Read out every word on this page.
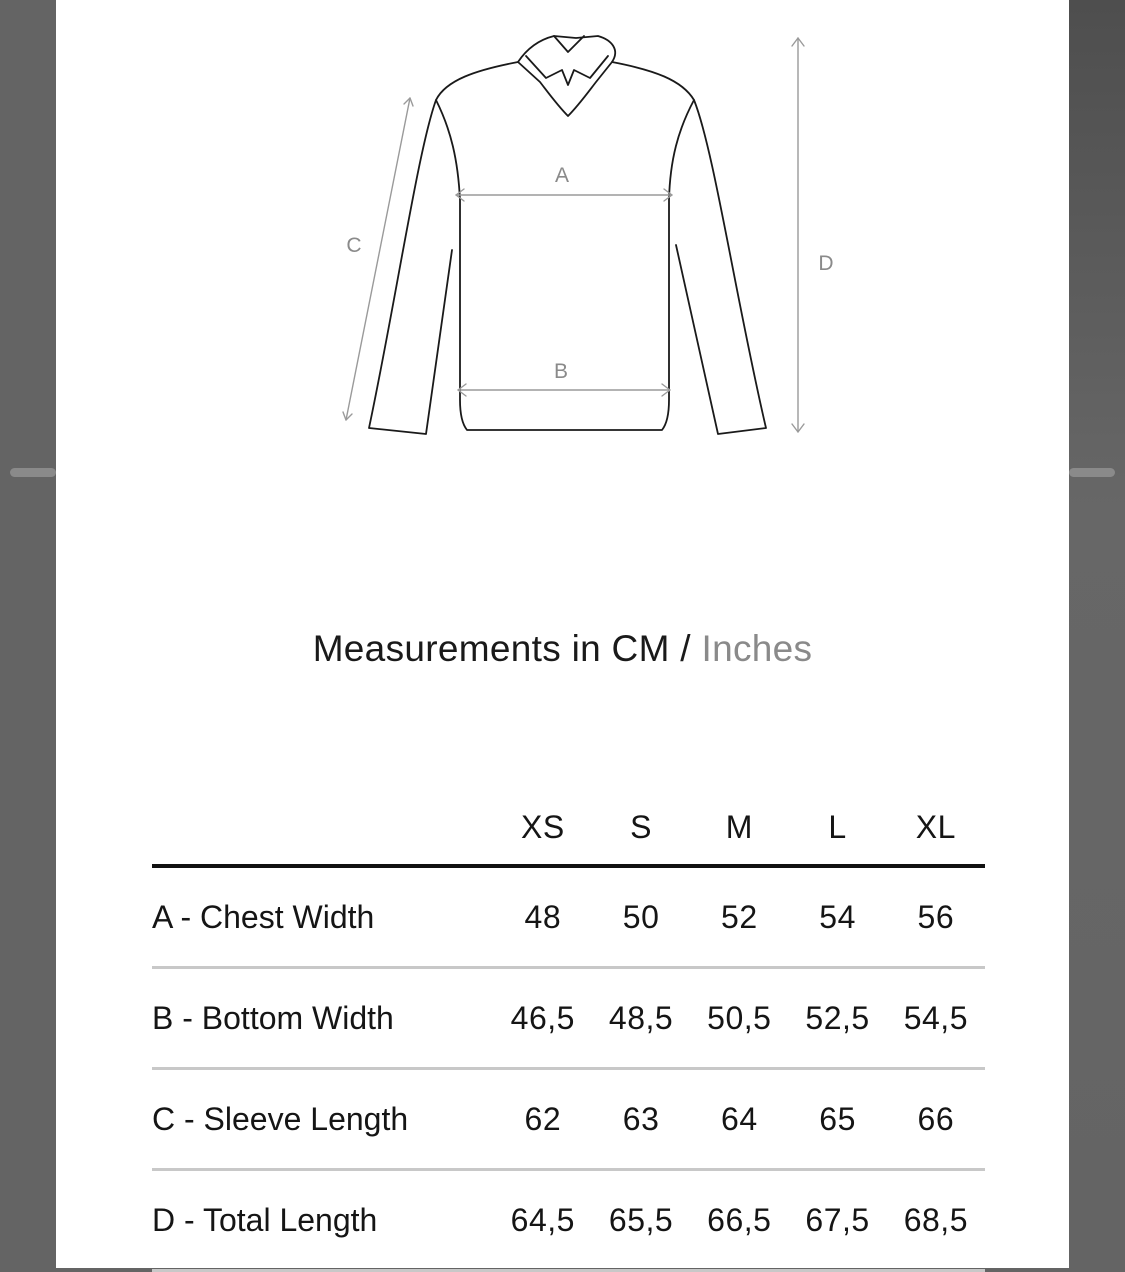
A
B
C
D
Measurements in CM / Inches
	XS	S	M	L	XL
A - Chest Width	48	50	52	54	56
B - Bottom Width	46,5	48,5	50,5	52,5	54,5
C - Sleeve Length	62	63	64	65	66
D - Total Length	64,5	65,5	66,5	67,5	68,5
